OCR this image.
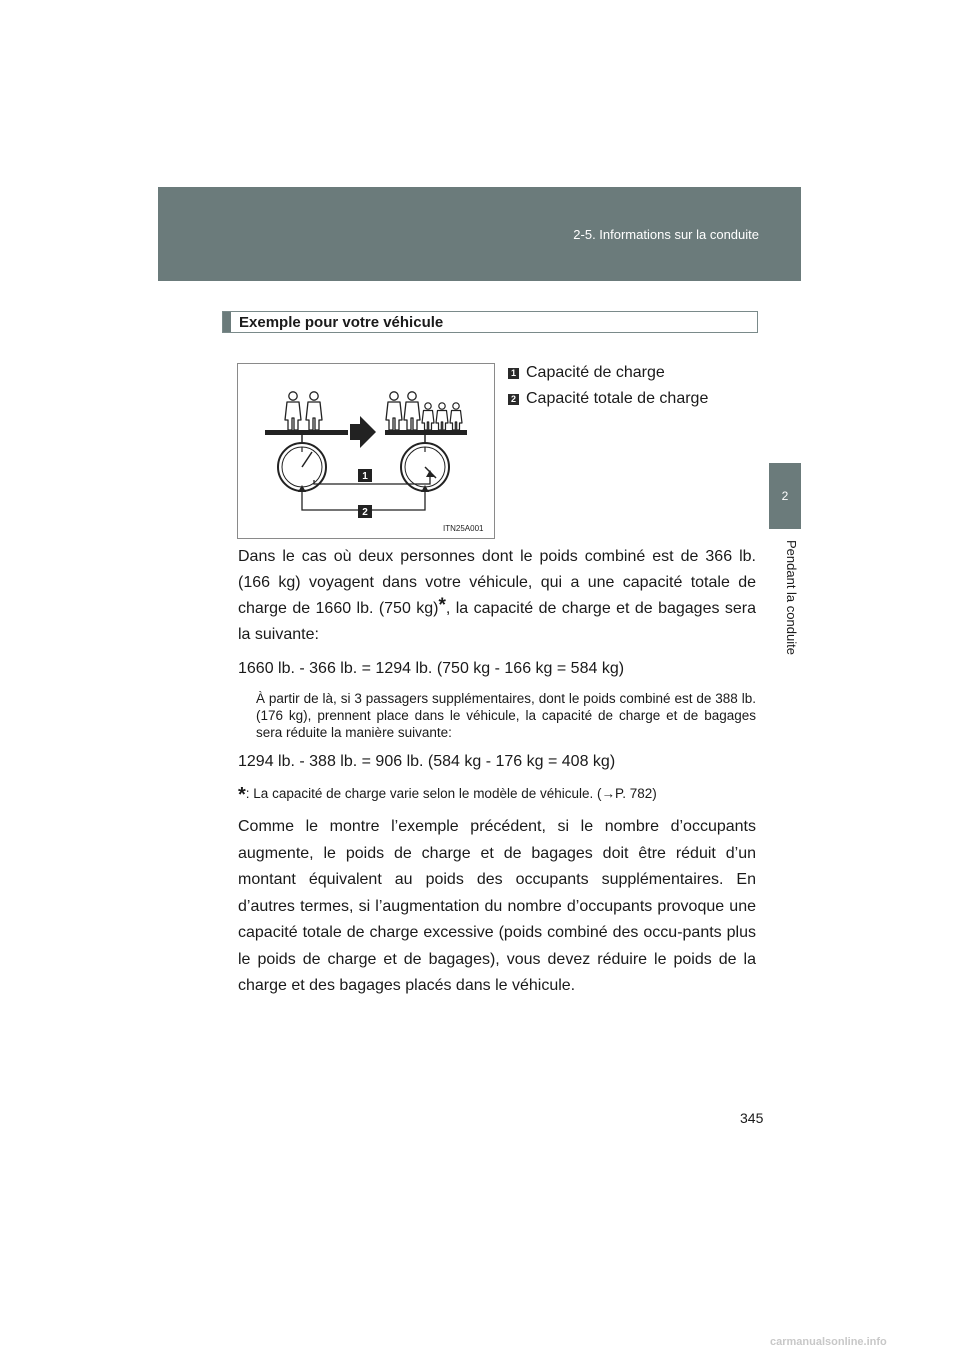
2-5. Informations sur la conduite
2
Pendant la conduite
Exemple pour votre véhicule
1
2
ITN25A001
1 Capacité de charge
2 Capacité totale de charge

Dans le cas où deux personnes dont le poids combiné est de 366 lb. (166 kg) voyagent dans votre véhicule, qui a une capacité totale de charge de 1660 lb. (750 kg)*, la capacité de charge et de bagages sera la suivante:

1660 lb. - 366 lb. = 1294 lb. (750 kg - 166 kg = 584 kg)

À partir de là, si 3 passagers supplémentaires, dont le poids combiné est de 388 lb. (176 kg), prennent place dans le véhicule, la capacité de charge et de bagages sera réduite la manière suivante:

1294 lb. - 388 lb. = 906 lb. (584 kg - 176 kg = 408 kg)

*: La capacité de charge varie selon le modèle de véhicule. (→P. 782)

Comme le montre l’exemple précédent, si le nombre d’occupants augmente, le poids de charge et de bagages doit être réduit d’un montant équivalent au poids des occupants supplémentaires. En d’autres termes, si l’augmentation du nombre d’occupants provoque une capacité totale de charge excessive (poids combiné des occu-pants plus le poids de charge et de bagages), vous devez réduire le poids de la charge et des bagages placés dans le véhicule.

345
carmanualsonline.info
